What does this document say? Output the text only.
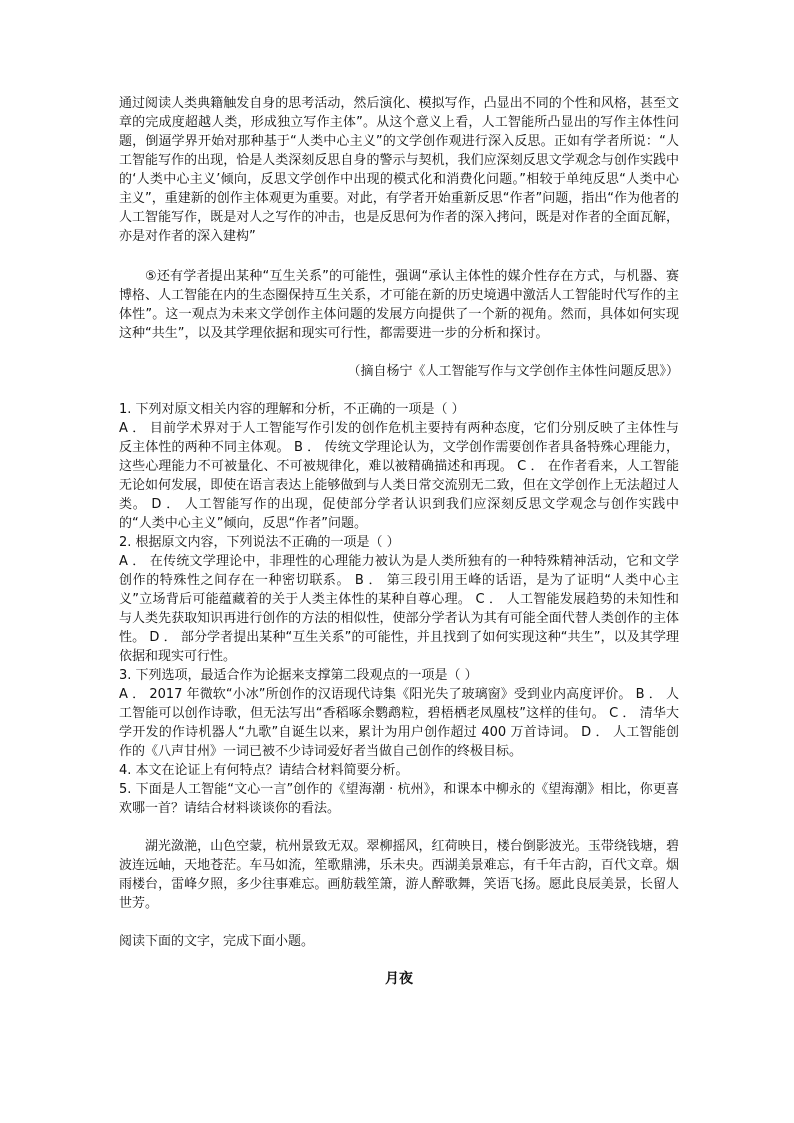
通过阅读人类典籍触发自身的思考活动，然后演化、模拟写作，凸显出不同的个性和风格，甚至文章的完成度超越人类，形成独立写作主体”。从这个意义上看，人工智能所凸显出的写作主体性问题，倒逼学界开始对那种基于“人类中心主义”的文学创作观进行深入反思。正如有学者所说：“人工智能写作的出现，恰是人类深刻反思自身的警示与契机，我们应深刻反思文学观念与创作实践中的‘人类中心主义’倾向，反思文学创作中出现的模式化和消费化问题。”相较于单纯反思“人类中心主义”，重建新的创作主体观更为重要。对此，有学者开始重新反思“作者”问题，指出“作为他者的人工智能写作，既是对人之写作的冲击，也是反思何为作者的深入拷问，既是对作者的全面瓦解，亦是对作者的深入建构”

⑤还有学者提出某种“互生关系”的可能性，强调“承认主体性的媒介性存在方式，与机器、赛博格、人工智能在内的生态圈保持互生关系，才可能在新的历史境遇中激活人工智能时代写作的主体性”。这一观点为未来文学创作主体问题的发展方向提供了一个新的视角。然而，具体如何实现这种“共生”，以及其学理依据和现实可行性，都需要进一步的分析和探讨。

（摘自杨宁《人工智能写作与文学创作主体性问题反思》）

1. 下列对原文相关内容的理解和分析，不正确的一项是（ ）

A ． 目前学术界对于人工智能写作引发的创作危机主要持有两种态度，它们分别反映了主体性与反主体性的两种不同主体观。 B ． 传统文学理论认为，文学创作需要创作者具备特殊心理能力，这些心理能力不可被量化、不可被规律化，难以被精确描述和再现。 C ． 在作者看来，人工智能无论如何发展，即使在语言表达上能够做到与人类日常交流别无二致，但在文学创作上无法超过人类。 D ． 人工智能写作的出现，促使部分学者认识到我们应深刻反思文学观念与创作实践中的“人类中心主义”倾向，反思“作者”问题。

2. 根据原文内容，下列说法不正确的一项是（ ）

A ． 在传统文学理论中，非理性的心理能力被认为是人类所独有的一种特殊精神活动，它和文学创作的特殊性之间存在一种密切联系。 B ． 第三段引用王峰的话语，是为了证明“人类中心主义”立场背后可能蕴藏着的关于人类主体性的某种自尊心理。 C ． 人工智能发展趋势的未知性和与人类先获取知识再进行创作的方法的相似性，使部分学者认为其有可能全面代替人类创作的主体性。 D ． 部分学者提出某种“互生关系”的可能性，并且找到了如何实现这种“共生”，以及其学理依据和现实可行性。

3. 下列选项，最适合作为论据来支撑第二段观点的一项是（ ）

A ． 2017 年微软“小冰”所创作的汉语现代诗集《阳光失了玻璃窗》受到业内高度评价。 B ． 人工智能可以创作诗歌，但无法写出“香稻啄余鹦鹉粒，碧梧栖老凤凰枝”这样的佳句。 C ． 清华大学开发的作诗机器人“九歌”自诞生以来，累计为用户创作超过 400 万首诗词。 D ． 人工智能创作的《八声甘州》一词已被不少诗词爱好者当做自己创作的终极目标。

4. 本文在论证上有何特点？请结合材料简要分析。

5. 下面是人工智能“文心一言”创作的《望海潮 · 杭州》，和课本中柳永的《望海潮》相比，你更喜欢哪一首？请结合材料谈谈你的看法。

湖光潋滟，山色空蒙，杭州景致无双。翠柳摇风，红荷映日，楼台倒影波光。玉带绕钱塘，碧波连远岫，天地苍茫。车马如流，笙歌鼎沸，乐未央。西湖美景难忘，有千年古韵，百代文章。烟雨楼台，雷峰夕照，多少往事难忘。画舫载笙箫，游人醉歌舞，笑语飞扬。愿此良辰美景，长留人世芳。

阅读下面的文字，完成下面小题。

月夜
